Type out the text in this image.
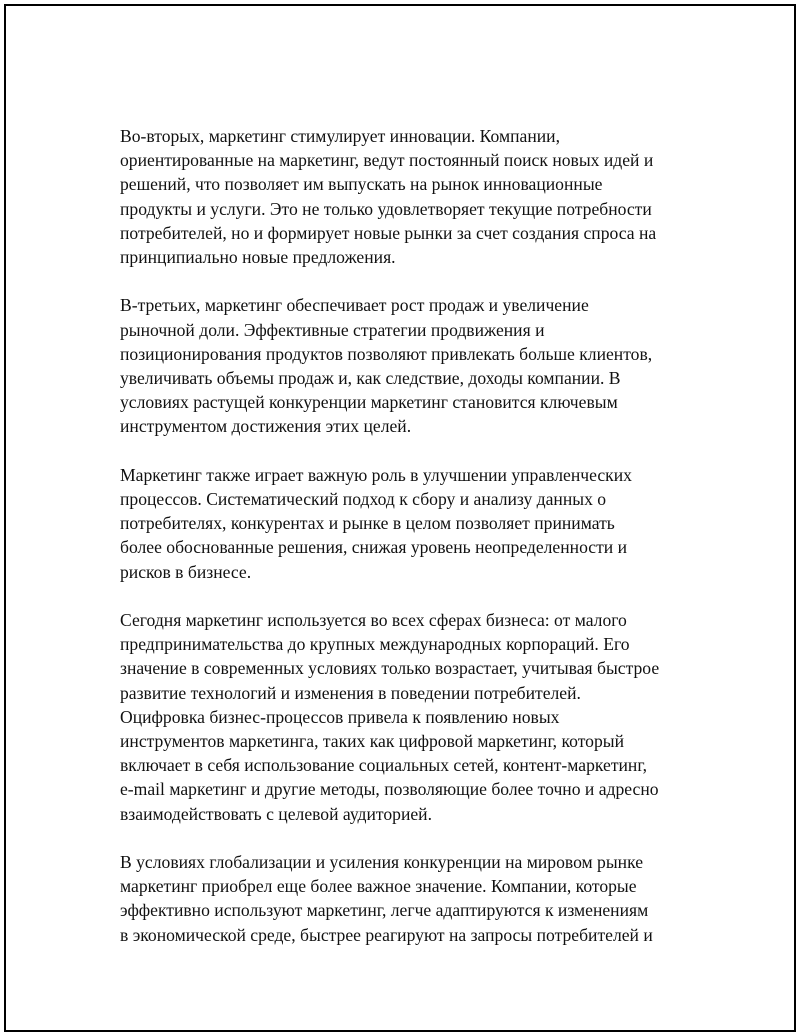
Во-вторых, маркетинг стимулирует инновации. Компании,
ориентированные на маркетинг, ведут постоянный поиск новых идей и
решений, что позволяет им выпускать на рынок инновационные
продукты и услуги. Это не только удовлетворяет текущие потребности
потребителей, но и формирует новые рынки за счет создания спроса на
принципиально новые предложения.

В-третьих, маркетинг обеспечивает рост продаж и увеличение
рыночной доли. Эффективные стратегии продвижения и
позиционирования продуктов позволяют привлекать больше клиентов,
увеличивать объемы продаж и, как следствие, доходы компании. В
условиях растущей конкуренции маркетинг становится ключевым
инструментом достижения этих целей.

Маркетинг также играет важную роль в улучшении управленческих
процессов. Систематический подход к сбору и анализу данных о
потребителях, конкурентах и рынке в целом позволяет принимать
более обоснованные решения, снижая уровень неопределенности и
рисков в бизнесе.

Сегодня маркетинг используется во всех сферах бизнеса: от малого
предпринимательства до крупных международных корпораций. Его
значение в современных условиях только возрастает, учитывая быстрое
развитие технологий и изменения в поведении потребителей.
Оцифровка бизнес-процессов привела к появлению новых
инструментов маркетинга, таких как цифровой маркетинг, который
включает в себя использование социальных сетей, контент-маркетинг,
e-mail маркетинг и другие методы, позволяющие более точно и адресно
взаимодействовать с целевой аудиторией.

В условиях глобализации и усиления конкуренции на мировом рынке
маркетинг приобрел еще более важное значение. Компании, которые
эффективно используют маркетинг, легче адаптируются к изменениям
в экономической среде, быстрее реагируют на запросы потребителей и
